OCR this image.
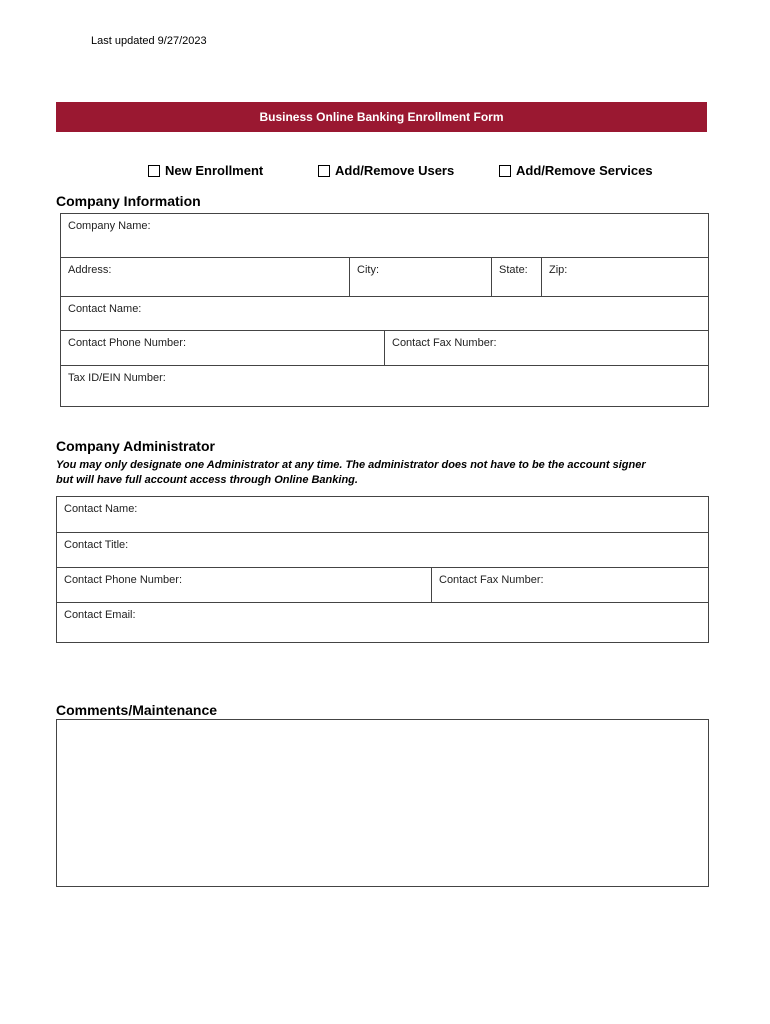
Last updated 9/27/2023
Business Online Banking Enrollment Form
New Enrollment	Add/Remove Users	Add/Remove Services
Company Information
Company Name:
Address:	City:	State: Zip:
Contact Name:
Contact Phone Number:	Contact Fax Number:
Tax ID/EIN Number:
Company Administrator
You may only designate one Administrator at any time. The administrator does not have to be the account signer
but will have full account access through Online Banking.
Contact Name:
Contact Title:
Contact Phone Number:	Contact Fax Number:
Contact Email:
Comments/Maintenance
